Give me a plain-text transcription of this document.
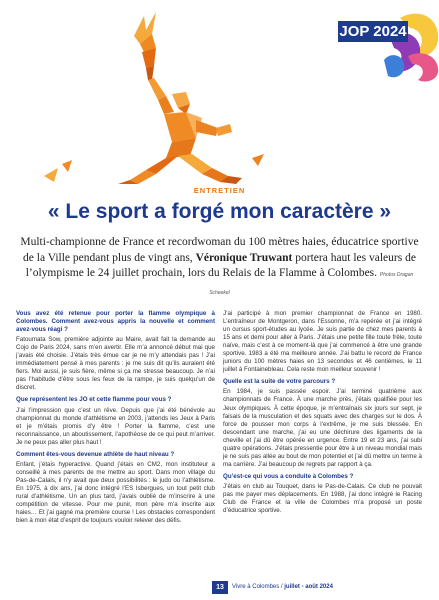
JOP 2024
ENTRETIEN
« Le sport a forgé mon caractère »
Multi-championne de France et recordwoman du 100 mètres haies, éducatrice sportive de la Ville pendant plus de vingt ans, Véronique Truwant portera haut les valeurs de l’olympisme le 24 juillet prochain, lors du Relais de la Flamme à Colombes. Photos Dragan Scheekel
Vous avez été retenue pour porter la flamme olympique à Colombes. Comment avez-vous appris la nouvelle et comment avez-vous réagi ?

Fatoumata Sow, première adjointe au Maire, avait fait la demande au Cojo de Paris 2024, sans m’en avertir. Elle m’a annoncé début mai que j’avais été choisie. J’étais très émue car je ne m’y attendais pas ! J’ai immédiatement pensé à mes parents : je me suis dit qu’ils auraient été fiers. Moi aussi, je suis fière, même si ça me stresse beaucoup. Je n’ai pas l’habitude d’être sous les feux de la rampe, je suis quelqu’un de discret.

Que représentent les JO et cette flamme pour vous ?

J’ai l’impression que c’est un rêve. Depuis que j’ai été bénévole au championnat du monde d’athlétisme en 2003, j’attends les Jeux à Paris et je m’étais promis d’y être ! Porter la flamme, c’est une reconnaissance, un aboutissement, l’apothéose de ce qui peut m’arriver. Je ne peux pas aller plus haut !

Comment êtes-vous devenue athlète de haut niveau ?

Enfant, j’étais hyperactive. Quand j’étais en CM2, mon instituteur a conseillé à mes parents de me mettre au sport. Dans mon village du Pas-de-Calais, il n’y avait que deux possibilités : le judo ou l’athlétisme. En 1975, à dix ans, j’ai donc intégré l’ES Isbergues, un tout petit club rural d’athlétisme. Un an plus tard, j’avais oublié de m’inscrire à une compétition de vitesse. Pour me punir, mon père m’a inscrite aux haies… Et j’ai gagné ma première course ! Les obstacles correspondent bien à mon état d’esprit de toujours vouloir relever des défis.

J’ai participé à mon premier championnat de France en 1980. L’entraîneur de Montgeron, dans l’Essonne, m’a repérée et j’ai intégré un cursus sport-études au lycée. Je suis partie de chez mes parents à 15 ans et demi pour aller à Paris. J’étais une petite fille toute frêle, toute naïve, mais c’est à ce moment-là que j’ai commencé à être une grande sportive. 1983 a été ma meilleure année. J’ai battu le record de France juniors du 100 mètres haies en 13 secondes et 46 centièmes, le 11 juillet à Fontainebleau. Cela reste mon meilleur souvenir !

Quelle est la suite de votre parcours ?

En 1984, je suis passée espoir. J’ai terminé quatrième aux championnats de France. À une marche près, j’étais qualifiée pour les Jeux olympiques. À cette époque, je m’entraînais six jours sur sept, je faisais de la musculation et des squats avec des charges sur le dos. À force de pousser mon corps à l’extrême, je me suis blessée. En descendant une marche, j’ai eu une déchirure des ligaments de la cheville et j’ai dû être opérée en urgence. Entre 19 et 23 ans, j’ai subi quatre opérations. J’étais pressentie pour être à un niveau mondial mais je ne suis pas allée au bout de mon potentiel et j’ai dû mettre un terme à ma carrière. J’ai beaucoup de regrets par rapport à ça.

Qu’est-ce qui vous a conduite à Colombes ?

J’étais en club au Touquet, dans le Pas-de-Calais. Ce club ne pouvait pas me payer mes déplacements. En 1988, j’ai donc intégré le Racing Club de France et la ville de Colombes m’a proposé un poste d’éducatrice sportive.

13	Vivre à Colombes / juillet - août 2024
